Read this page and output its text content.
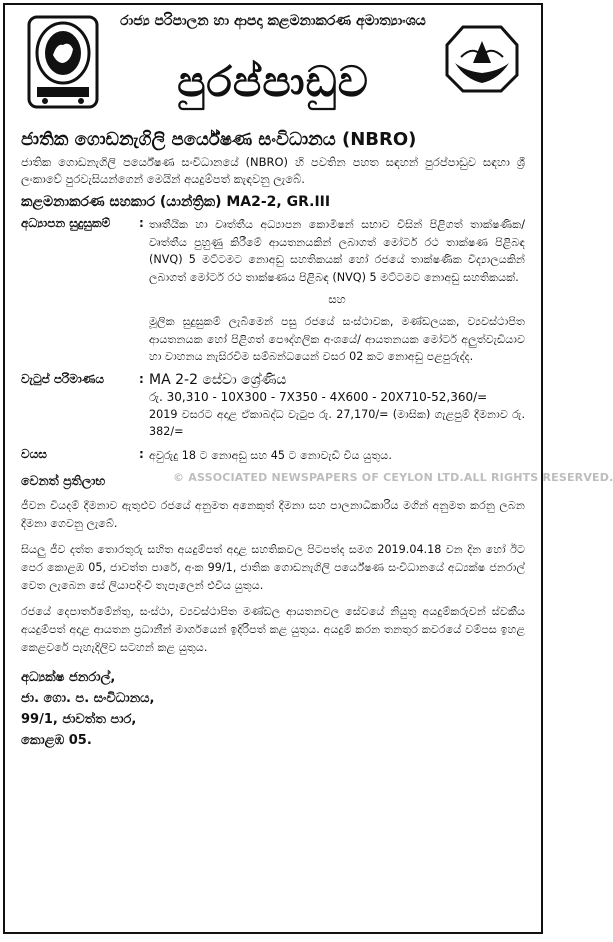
රාජ්‍ය පරිපාලන හා ආපදා කළමනාකරණ අමාත්‍යාංශය
පුරප්පාඩුව
ජාතික ගොඩනැගිලි පර්යේෂණ සංවිධානය (NBRO)
ජාතික ගොඩනැගිලි පර්යේෂණ සංවිධානයේ (NBRO) හි පවතින පහත සඳහන් පුරප්පාඩුව සඳහා ශ්‍රී ලංකාවේ පුරවැසියන්ගෙන් මෙයින් අයදුම්පත් කැඳවනු ලැබේ.
කළමනාකරණ සහකාර (යාන්ත්‍රික) MA2-2, GR.III
අධ්‍යාපන සුදුසුකම් : තෘතීයික හා වෘත්තීය අධ්‍යාපන කොමිෂන් සභාව විසින් පිළිගත් තාක්ෂණික/ වෘත්තීය පුහුණු කිරීමේ ආයතනයකින් ලබාගත් මෝටර් රථ තාක්ෂණ පිළිබඳ (NVQ) 5 මට්ටමට නොඅඩු සහතිකයක් හෝ රජයේ තාක්ෂණික විද්‍යාලයකින් ලබාගත් මෝටර් රථ තාක්ෂණය පිළිබඳ (NVQ) 5 මට්ටමට නොඅඩු සහතිකයක්.

සහ

මූලික සුදුසුකම් ලැබීමෙන් පසු රජයේ සංස්ථාවක, මණ්ඩලයක, ව්‍යවස්ථාපිත ආයතනයක හෝ පිළිගත් පෞද්ගලික අංශයේ/ ආයතනයක මෝටර් අලුත්වැඩියාව හා වාහනය නැසිරවීම සම්බන්ධයෙන් වසර 02 කට නොඅඩු පළපුරුද්ද.

වැටුප් පරිමාණය	: MA 2-2 සේවා ශ්‍රේණිය
රු. 30,310 - 10X300 - 7X350 - 4X600 - 20X710-52,360/=

2019 වසරට අදාළ ඒකාබද්ධ වැටුප රු. 27,170/= (මාසික) ගැළපුම් දීමනාව රු. 382/=

වයස	: අවුරුදු 18 ට නොඅඩු සහ 45 ට නොවැඩි විය යුතුය.

වෙනත් ප්‍රතිලාභ
ජීවන වියදම් දීමනාව ඇතුළුව රජයේ අනුමත අනෙකුත් දීමනා සහ පාලනාධිකාරිය මගින් අනුමත කරනු ලබන දීමනා ගෙවනු ලැබේ.
සියලු ජීව දත්ත තොරතුරු සහිත අයදුම්පත් අදාළ සහතිකවල පිටපත්ද සමග 2019.04.18 වන දින හෝ ඊට පෙර කොළඹ 05, ජාවත්ත පාරේ, අංක 99/1, ජාතික ගොඩනැගිලි පර්යේෂණ සංවිධානයේ අධ්‍යක්ෂ ජනරාල් වෙත ලැබෙන සේ ලියාපදිංචි තැපෑලෙන් එවිය යුතුය.
රජයේ දෙපාර්තමේන්තු, සංස්ථා, ව්‍යවස්ථාපිත මණ්ඩල ආයතනවල සේවයේ නියුතු අයදුම්කරුවන් ස්වකීය අයදුම්පත් අදාළ ආයතන ප්‍රධානීන් මාර්ගයෙන් ඉදිරිපත් කළ යුතුය. අයදුම් කරන තනතුර කවරයේ වම්පස ඉහළ කෙළවරේ පැහැදිලිව සටහන් කළ යුතුය.
අධ්‍යක්ෂ ජනරාල්,
ජා. ගො. ප. සංවිධානය,
99/1, ජාවත්ත පාර,
කොළඹ 05.
© ASSOCIATED NEWSPAPERS OF CEYLON LTD.ALL RIGHTS RESERVED.
